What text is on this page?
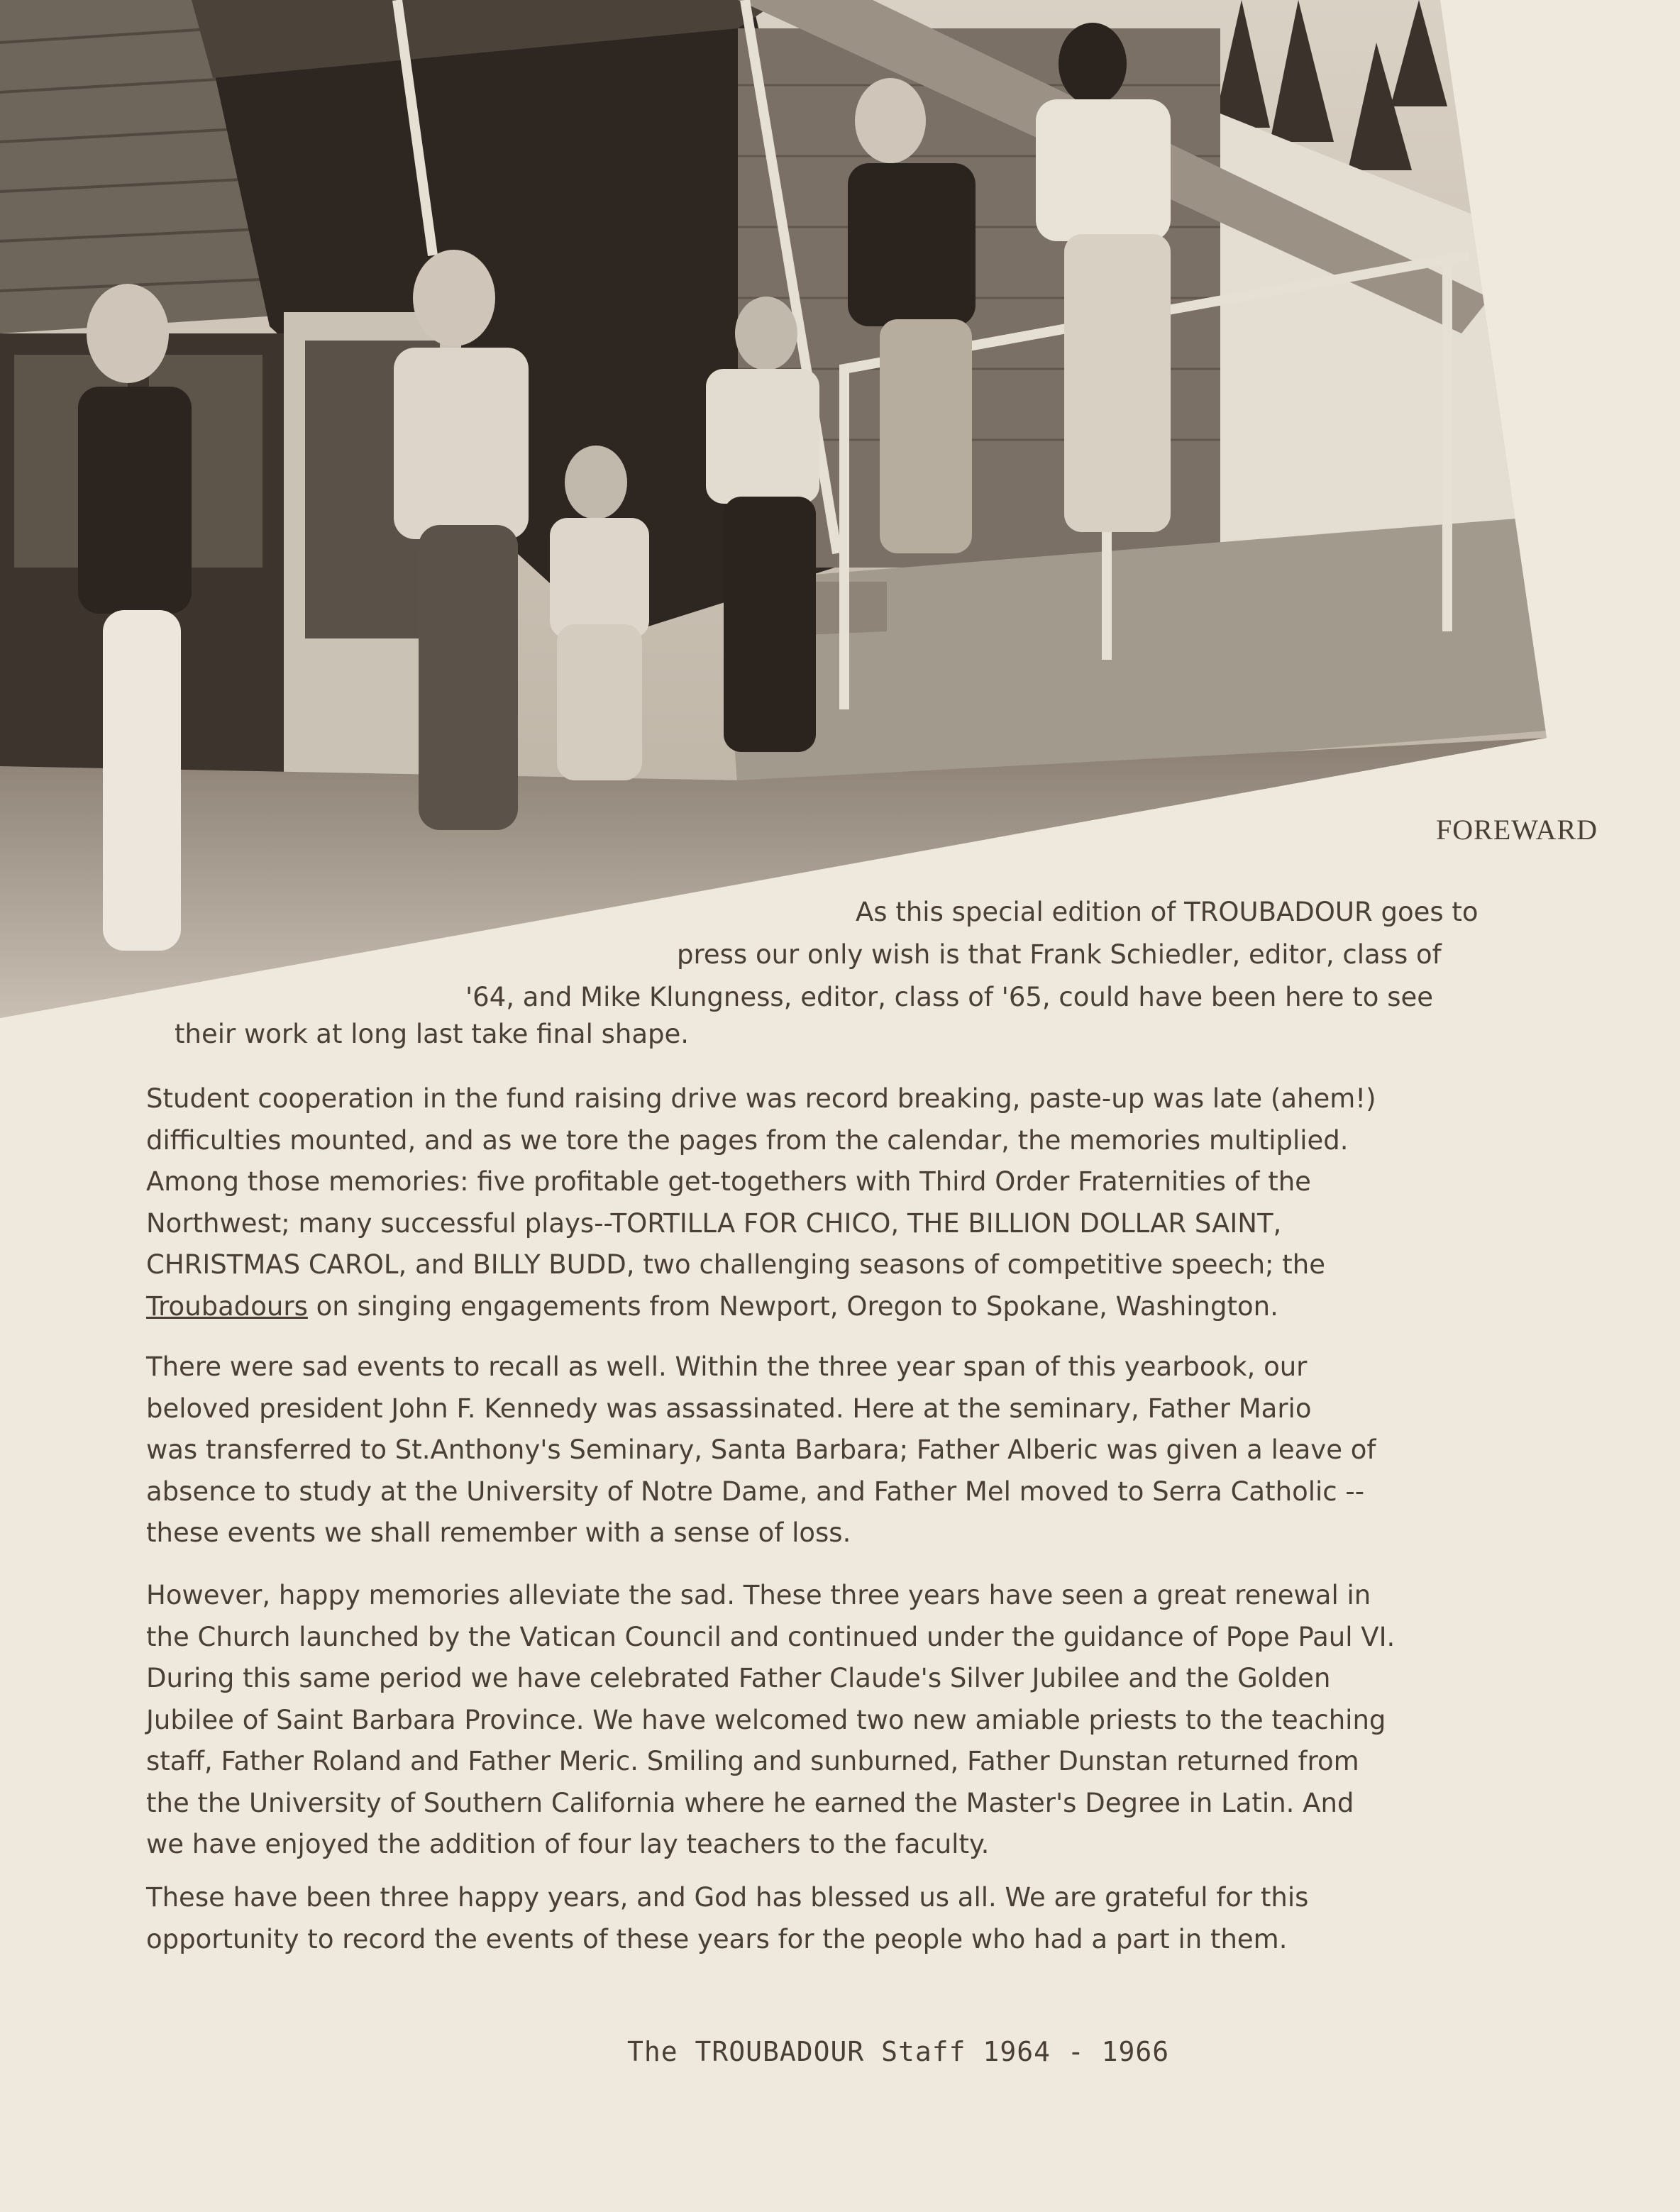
FOREWARD
As this special edition of TROUBADOUR goes to
press our only wish is that Frank Schiedler, editor, class of
'64, and Mike Klungness, editor, class of '65, could have been here to see
their work at long last take final shape.
Student cooperation in the fund raising drive was record breaking, paste-up was late (ahem!)
difficulties mounted, and as we tore the pages from the calendar, the memories multiplied.
Among those memories: five profitable get-togethers with Third Order Fraternities of the
Northwest; many successful plays--TORTILLA FOR CHICO, THE BILLION DOLLAR SAINT,
CHRISTMAS CAROL, and BILLY BUDD, two challenging seasons of competitive speech; the
Troubadours on singing engagements from Newport, Oregon to Spokane, Washington.
There were sad events to recall as well. Within the three year span of this yearbook, our
beloved president John F. Kennedy was assassinated. Here at the seminary, Father Mario
was transferred to St.Anthony's Seminary, Santa Barbara; Father Alberic was given a leave of
absence to study at the University of Notre Dame, and Father Mel moved to Serra Catholic --
these events we shall remember with a sense of loss.
However, happy memories alleviate the sad. These three years have seen a great renewal in
the Church launched by the Vatican Council and continued under the guidance of Pope Paul VI.
During this same period we have celebrated Father Claude's Silver Jubilee and the Golden
Jubilee of Saint Barbara Province. We have welcomed two new amiable priests to the teaching
staff, Father Roland and Father Meric. Smiling and sunburned, Father Dunstan returned from
the the University of Southern California where he earned the Master's Degree in Latin. And
we have enjoyed the addition of four lay teachers to the faculty.
These have been three happy years, and God has blessed us all. We are grateful for this
opportunity to record the events of these years for the people who had a part in them.
The TROUBADOUR Staff 1964 - 1966
